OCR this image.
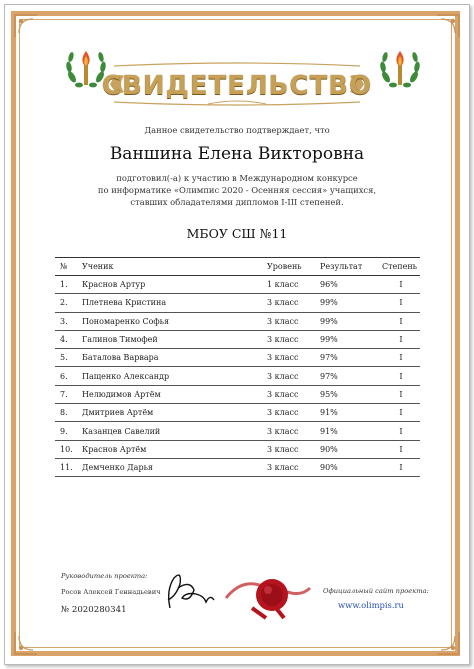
СВИДЕТЕЛЬСТВО
Данное свидетельство подтверждает, что
Ваншина Елена Викторовна
подготовил(-а) к участию в Международном конкурсе
по информатике «Олимпис 2020 - Осенняя сессия» учащихся,
ставших обладателями дипломов I-III степеней.
МБОУ СШ №11
№	Ученик	Уровень	Результат	Степень
1.	Краснов Артур	1 класс	96%	I
2.	Плетнева Кристина	3 класс	99%	I
3.	Пономаренко Софья	3 класс	99%	I
4.	Галинов Тимофей	3 класс	99%	I
5.	Баталова Варвара	3 класс	97%	I
6.	Пащенко Александр	3 класс	97%	I
7.	Нелюдимов Артём	3 класс	95%	I
8.	Дмитриев Артём	3 класс	91%	I
9.	Казанцев Савелий	3 класс	91%	I
10.	Краснов Артём	3 класс	90%	I
11.	Демченко Дарья	3 класс	90%	I
Руководитель проекта:
Росов Алексей Геннадьевич
№ 2020280341
Официальный сайт проекта:
www.olimpis.ru
